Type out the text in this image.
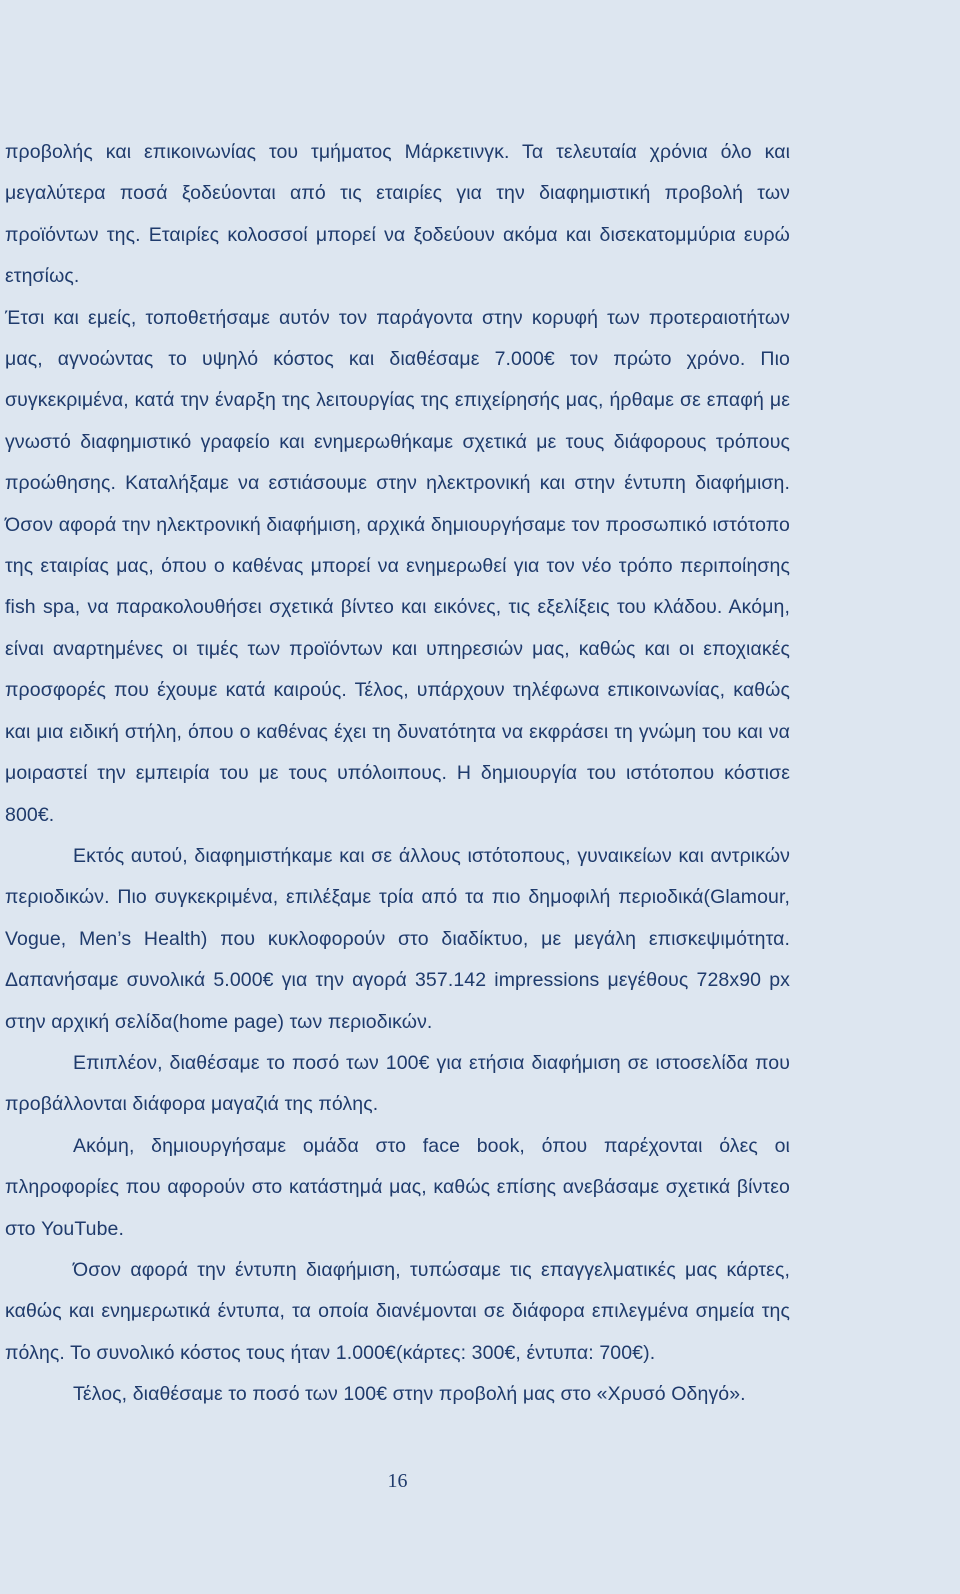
προβολής και επικοινωνίας του τμήματος Μάρκετινγκ. Τα τελευταία χρόνια όλο και μεγαλύτερα ποσά ξοδεύονται από τις εταιρίες για την διαφημιστική προβολή των προϊόντων της. Εταιρίες κολοσσοί μπορεί να ξοδεύουν ακόμα και δισεκατομμύρια ευρώ ετησίως.

Έτσι και εμείς, τοποθετήσαμε αυτόν τον παράγοντα στην κορυφή των προτεραιοτήτων μας, αγνοώντας το υψηλό κόστος και διαθέσαμε 7.000€ τον πρώτο χρόνο. Πιο συγκεκριμένα, κατά την έναρξη της λειτουργίας της επιχείρησής μας, ήρθαμε σε επαφή με γνωστό διαφημιστικό γραφείο και ενημερωθήκαμε σχετικά με τους διάφορους τρόπους προώθησης. Καταλήξαμε να εστιάσουμε στην ηλεκτρονική και στην έντυπη διαφήμιση. Όσον αφορά την ηλεκτρονική διαφήμιση, αρχικά δημιουργήσαμε τον προσωπικό ιστότοπο της εταιρίας μας, όπου ο καθένας μπορεί να ενημερωθεί για τον νέο τρόπο περιποίησης fish spa, να παρακολουθήσει σχετικά βίντεο και εικόνες, τις εξελίξεις του κλάδου. Ακόμη, είναι αναρτημένες οι τιμές των προϊόντων και υπηρεσιών μας, καθώς και οι εποχιακές προσφορές που έχουμε κατά καιρούς. Τέλος, υπάρχουν τηλέφωνα επικοινωνίας, καθώς και μια ειδική στήλη, όπου ο καθένας έχει τη δυνατότητα να εκφράσει τη γνώμη του και να μοιραστεί την εμπειρία του με τους υπόλοιπους. Η δημιουργία του ιστότοπου κόστισε 800€.

Εκτός αυτού, διαφημιστήκαμε και σε άλλους ιστότοπους, γυναικείων και αντρικών περιοδικών. Πιο συγκεκριμένα, επιλέξαμε τρία από τα πιο δημοφιλή περιοδικά(Glamour, Vogue, Men’s Health) που κυκλοφορούν στο διαδίκτυο, με μεγάλη επισκεψιμότητα. Δαπανήσαμε συνολικά 5.000€ για την αγορά 357.142 impressions μεγέθους 728x90 px στην αρχική σελίδα(home page) των περιοδικών.

Επιπλέον, διαθέσαμε το ποσό των 100€ για ετήσια διαφήμιση σε ιστοσελίδα που προβάλλονται διάφορα μαγαζιά της πόλης.

Ακόμη, δημιουργήσαμε ομάδα στο face book, όπου παρέχονται όλες οι πληροφορίες που αφορούν στο κατάστημά μας, καθώς επίσης ανεβάσαμε σχετικά βίντεο στο YouTube.

Όσον αφορά την έντυπη διαφήμιση, τυπώσαμε τις επαγγελματικές μας κάρτες, καθώς και ενημερωτικά έντυπα, τα οποία διανέμονται σε διάφορα επιλεγμένα σημεία της πόλης. Το συνολικό κόστος τους ήταν 1.000€(κάρτες: 300€, έντυπα: 700€).

Τέλος, διαθέσαμε το ποσό των 100€ στην προβολή μας στο «Χρυσό Οδηγό».

16
